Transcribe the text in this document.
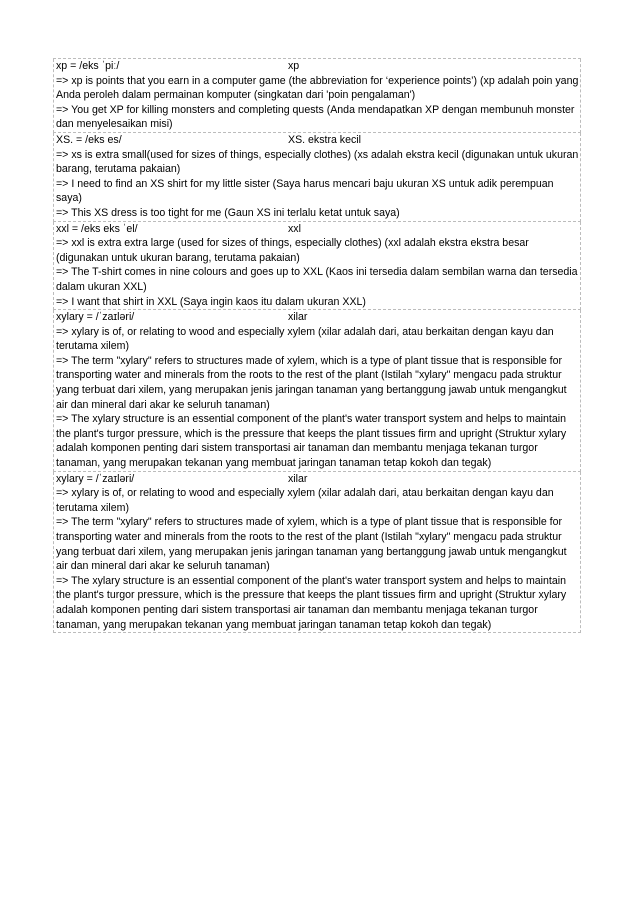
xp = /eks ˈpiː/	xp
=> xp is points that you earn in a computer game (the abbreviation for ‘experience points’) (xp adalah poin yang Anda peroleh dalam permainan komputer (singkatan dari 'poin pengalaman')
=> You get XP for killing monsters and completing quests (Anda mendapatkan XP dengan membunuh monster dan menyelesaikan misi)
XS. = /eks es/	XS. ekstra kecil
=> xs is extra small(used for sizes of things, especially clothes) (xs adalah ekstra kecil (digunakan untuk ukuran barang, terutama pakaian)
=> I need to find an XS shirt for my little sister (Saya harus mencari baju ukuran XS untuk adik perempuan saya)
=> This XS dress is too tight for me (Gaun XS ini terlalu ketat untuk saya)
xxl = /eks eks ˈel/	xxl
=> xxl is extra extra large (used for sizes of things, especially clothes) (xxl adalah ekstra ekstra besar (digunakan untuk ukuran barang, terutama pakaian)
=> The T-shirt comes in nine colours and goes up to XXL (Kaos ini tersedia dalam sembilan warna dan tersedia dalam ukuran XXL)
=> I want that shirt in XXL (Saya ingin kaos itu dalam ukuran XXL)
xylary = /ˈzaɪləri/	xilar
=> xylary is of, or relating to wood and especially xylem (xilar adalah dari, atau berkaitan dengan kayu dan terutama xilem)
=> The term "xylary" refers to structures made of xylem, which is a type of plant tissue that is responsible for transporting water and minerals from the roots to the rest of the plant (Istilah "xylary" mengacu pada struktur yang terbuat dari xilem, yang merupakan jenis jaringan tanaman yang bertanggung jawab untuk mengangkut air dan mineral dari akar ke seluruh tanaman)
=> The xylary structure is an essential component of the plant's water transport system and helps to maintain the plant's turgor pressure, which is the pressure that keeps the plant tissues firm and upright (Struktur xylary adalah komponen penting dari sistem transportasi air tanaman dan membantu menjaga tekanan turgor tanaman, yang merupakan tekanan yang membuat jaringan tanaman tetap kokoh dan tegak)
xylary = /ˈzaɪləri/	xilar
=> xylary is of, or relating to wood and especially xylem (xilar adalah dari, atau berkaitan dengan kayu dan terutama xilem)
=> The term "xylary" refers to structures made of xylem, which is a type of plant tissue that is responsible for transporting water and minerals from the roots to the rest of the plant (Istilah "xylary" mengacu pada struktur yang terbuat dari xilem, yang merupakan jenis jaringan tanaman yang bertanggung jawab untuk mengangkut air dan mineral dari akar ke seluruh tanaman)
=> The xylary structure is an essential component of the plant's water transport system and helps to maintain the plant's turgor pressure, which is the pressure that keeps the plant tissues firm and upright (Struktur xylary adalah komponen penting dari sistem transportasi air tanaman dan membantu menjaga tekanan turgor tanaman, yang merupakan tekanan yang membuat jaringan tanaman tetap kokoh dan tegak)
